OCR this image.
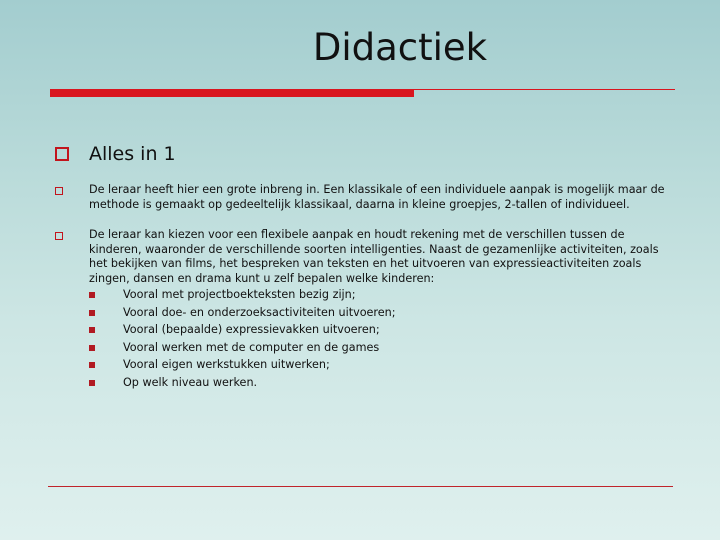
Didactiek
Alles in 1
De leraar heeft hier een grote inbreng in. Een klassikale of een individuele aanpak is mogelijk maar de methode is gemaakt op gedeeltelijk klassikaal, daarna in kleine groepjes, 2-tallen of individueel.
De leraar kan kiezen voor een flexibele aanpak en houdt rekening met de verschillen tussen de kinderen, waaronder de verschillende soorten intelligenties. Naast de gezamenlijke activiteiten, zoals het bekijken van films, het bespreken van teksten en het uitvoeren van expressieactiviteiten zoals zingen, dansen en drama kunt u zelf bepalen welke kinderen:
Vooral met projectboekteksten bezig zijn;
Vooral doe- en onderzoeksactiviteiten uitvoeren;
Vooral (bepaalde) expressievakken uitvoeren;
Vooral werken met de computer en de games
Vooral eigen werkstukken uitwerken;
Op welk niveau werken.
